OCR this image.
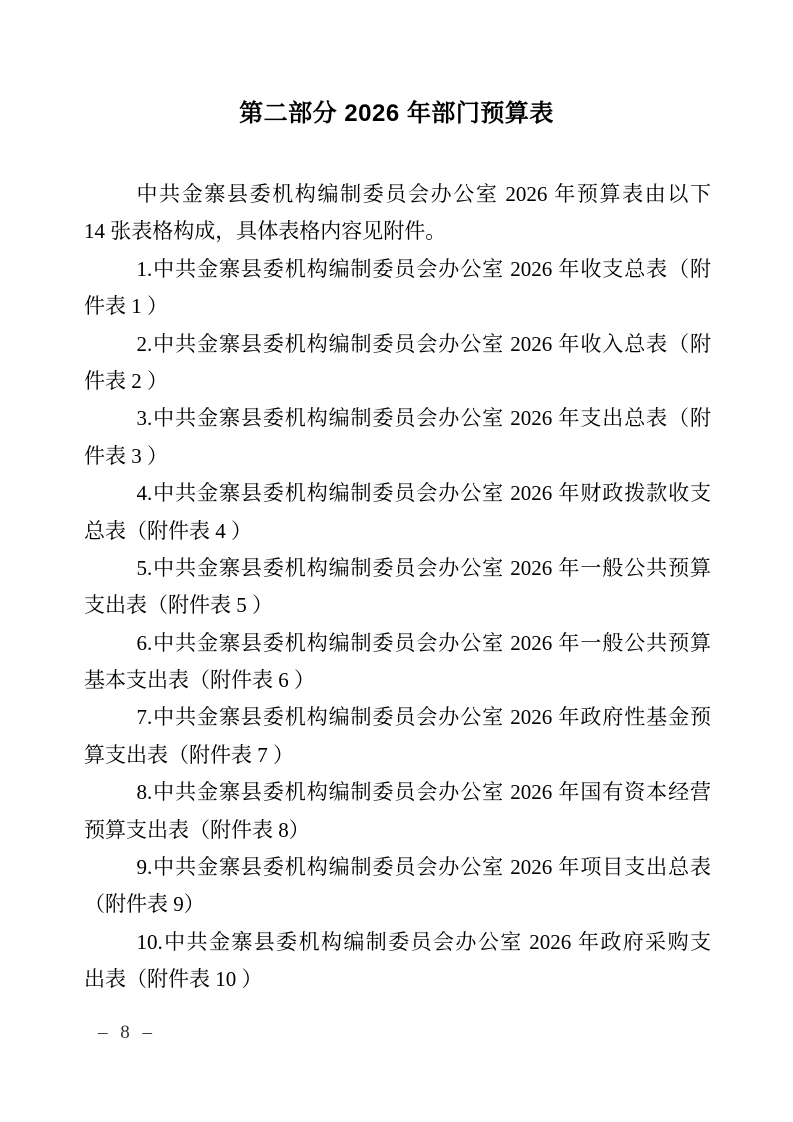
第二部分 2026 年部门预算表
中共金寨县委机构编制委员会办公室 2026 年预算表由以下
14 张表格构成，具体表格内容见附件。
1.中共金寨县委机构编制委员会办公室 2026 年收支总表（附
件表 1 ）
2.中共金寨县委机构编制委员会办公室 2026 年收入总表（附
件表 2 ）
3.中共金寨县委机构编制委员会办公室 2026 年支出总表（附
件表 3 ）
4.中共金寨县委机构编制委员会办公室 2026 年财政拨款收支
总表（附件表 4 ）
5.中共金寨县委机构编制委员会办公室 2026 年一般公共预算
支出表（附件表 5 ）
6.中共金寨县委机构编制委员会办公室 2026 年一般公共预算
基本支出表（附件表 6 ）
7.中共金寨县委机构编制委员会办公室 2026 年政府性基金预
算支出表（附件表 7 ）
8.中共金寨县委机构编制委员会办公室 2026 年国有资本经营
预算支出表（附件表 8）
9.中共金寨县委机构编制委员会办公室 2026 年项目支出总表
（附件表 9）
10.中共金寨县委机构编制委员会办公室 2026 年政府采购支
出表（附件表 10 ）
– 8 –
